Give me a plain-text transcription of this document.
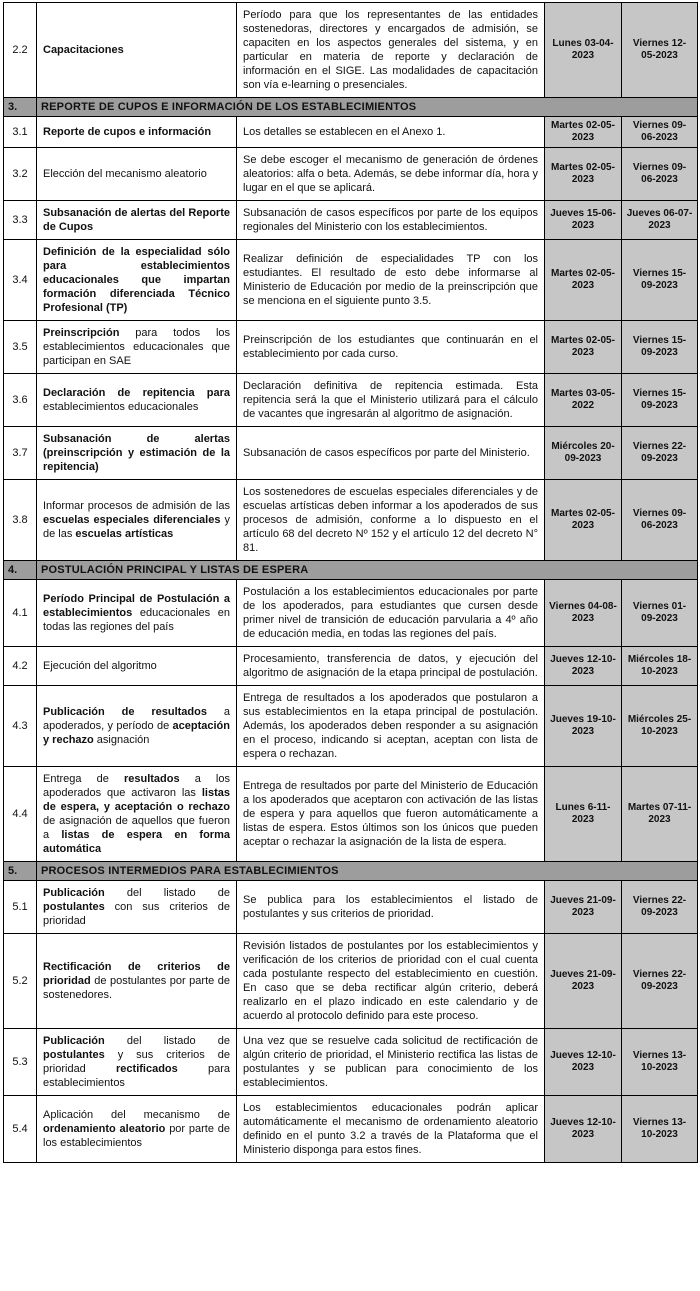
2.2	Capacitaciones	Período para que los representantes de las entidades sostenedoras, directores y encargados de admisión, se capaciten en los aspectos generales del sistema, y en particular en materia de reporte y declaración de información en el SIGE. Las modalidades de capacitación son vía e-learning o presenciales.	Lunes 03-04-2023	Viernes 12-05-2023
3.	REPORTE DE CUPOS E INFORMACIÓN DE LOS ESTABLECIMIENTOS			
3.1	Reporte de cupos e información	Los detalles se establecen en el Anexo 1.	Martes 02-05-2023	Viernes 09-06-2023
3.2	Elección del mecanismo aleatorio	Se debe escoger el mecanismo de generación de órdenes aleatorios: alfa o beta. Además, se debe informar día, hora y lugar en el que se aplicará.	Martes 02-05-2023	Viernes 09-06-2023
3.3	Subsanación de alertas del Reporte de Cupos	Subsanación de casos específicos por parte de los equipos regionales del Ministerio con los establecimientos.	Jueves 15-06-2023	Jueves 06-07-2023
3.4	Definición de la especialidad sólo para establecimientos educacionales que impartan formación diferenciada Técnico Profesional (TP)	Realizar definición de especialidades TP con los estudiantes. El resultado de esto debe informarse al Ministerio de Educación por medio de la preinscripción que se menciona en el siguiente punto 3.5.	Martes 02-05-2023	Viernes 15-09-2023
3.5	Preinscripción para todos los establecimientos educacionales que participan en SAE	Preinscripción de los estudiantes que continuarán en el establecimiento por cada curso.	Martes 02-05-2023	Viernes 15-09-2023
3.6	Declaración de repitencia para establecimientos educacionales	Declaración definitiva de repitencia estimada. Esta repitencia será la que el Ministerio utilizará para el cálculo de vacantes que ingresarán al algoritmo de asignación.	Martes 03-05-2022	Viernes 15-09-2023
3.7	Subsanación de alertas (preinscripción y estimación de la repitencia)	Subsanación de casos específicos por parte del Ministerio.	Miércoles 20-09-2023	Viernes 22-09-2023
3.8	Informar procesos de admisión de las escuelas especiales diferenciales y de las escuelas artísticas	Los sostenedores de escuelas especiales diferenciales y de escuelas artísticas deben informar a los apoderados de sus procesos de admisión, conforme a lo dispuesto en el artículo 68 del decreto Nº 152 y el artículo 12 del decreto N° 81.	Martes 02-05-2023	Viernes 09-06-2023
4.	POSTULACIÓN PRINCIPAL Y LISTAS DE ESPERA			
4.1	Período Principal de Postulación a establecimientos educacionales en todas las regiones del país	Postulación a los establecimientos educacionales por parte de los apoderados, para estudiantes que cursen desde primer nivel de transición de educación parvularia a 4º año de educación media, en todas las regiones del país.	Viernes 04-08-2023	Viernes 01-09-2023
4.2	Ejecución del algoritmo	Procesamiento, transferencia de datos, y ejecución del algoritmo de asignación de la etapa principal de postulación.	Jueves 12-10-2023	Miércoles 18-10-2023
4.3	Publicación de resultados a apoderados, y período de aceptación y rechazo asignación	Entrega de resultados a los apoderados que postularon a sus establecimientos en la etapa principal de postulación. Además, los apoderados deben responder a su asignación en el proceso, indicando si aceptan, aceptan con lista de espera o rechazan.	Jueves 19-10-2023	Miércoles 25-10-2023
4.4	Entrega de resultados a los apoderados que activaron las listas de espera, y aceptación o rechazo de asignación de aquellos que fueron a listas de espera en forma automática	Entrega de resultados por parte del Ministerio de Educación a los apoderados que aceptaron con activación de las listas de espera y para aquellos que fueron automáticamente a listas de espera. Estos últimos son los únicos que pueden aceptar o rechazar la asignación de la lista de espera.	Lunes 6-11-2023	Martes 07-11-2023
5.	PROCESOS INTERMEDIOS PARA ESTABLECIMIENTOS			
5.1	Publicación del listado de postulantes con sus criterios de prioridad	Se publica para los establecimientos el listado de postulantes y sus criterios de prioridad.	Jueves 21-09-2023	Viernes 22-09-2023
5.2	Rectificación de criterios de prioridad de postulantes por parte de sostenedores.	Revisión listados de postulantes por los establecimientos y verificación de los criterios de prioridad con el cual cuenta cada postulante respecto del establecimiento en cuestión. En caso que se deba rectificar algún criterio, deberá realizarlo en el plazo indicado en este calendario y de acuerdo al protocolo definido para este proceso.	Jueves 21-09-2023	Viernes 22-09-2023
5.3	Publicación del listado de postulantes y sus criterios de prioridad rectificados para establecimientos	Una vez que se resuelve cada solicitud de rectificación de algún criterio de prioridad, el Ministerio rectifica las listas de postulantes y se publican para conocimiento de los establecimientos.	Jueves 12-10-2023	Viernes 13-10-2023
5.4	Aplicación del mecanismo de ordenamiento aleatorio por parte de los establecimientos	Los establecimientos educacionales podrán aplicar automáticamente el mecanismo de ordenamiento aleatorio definido en el punto 3.2 a través de la Plataforma que el Ministerio disponga para estos fines.	Jueves 12-10-2023	Viernes 13-10-2023
